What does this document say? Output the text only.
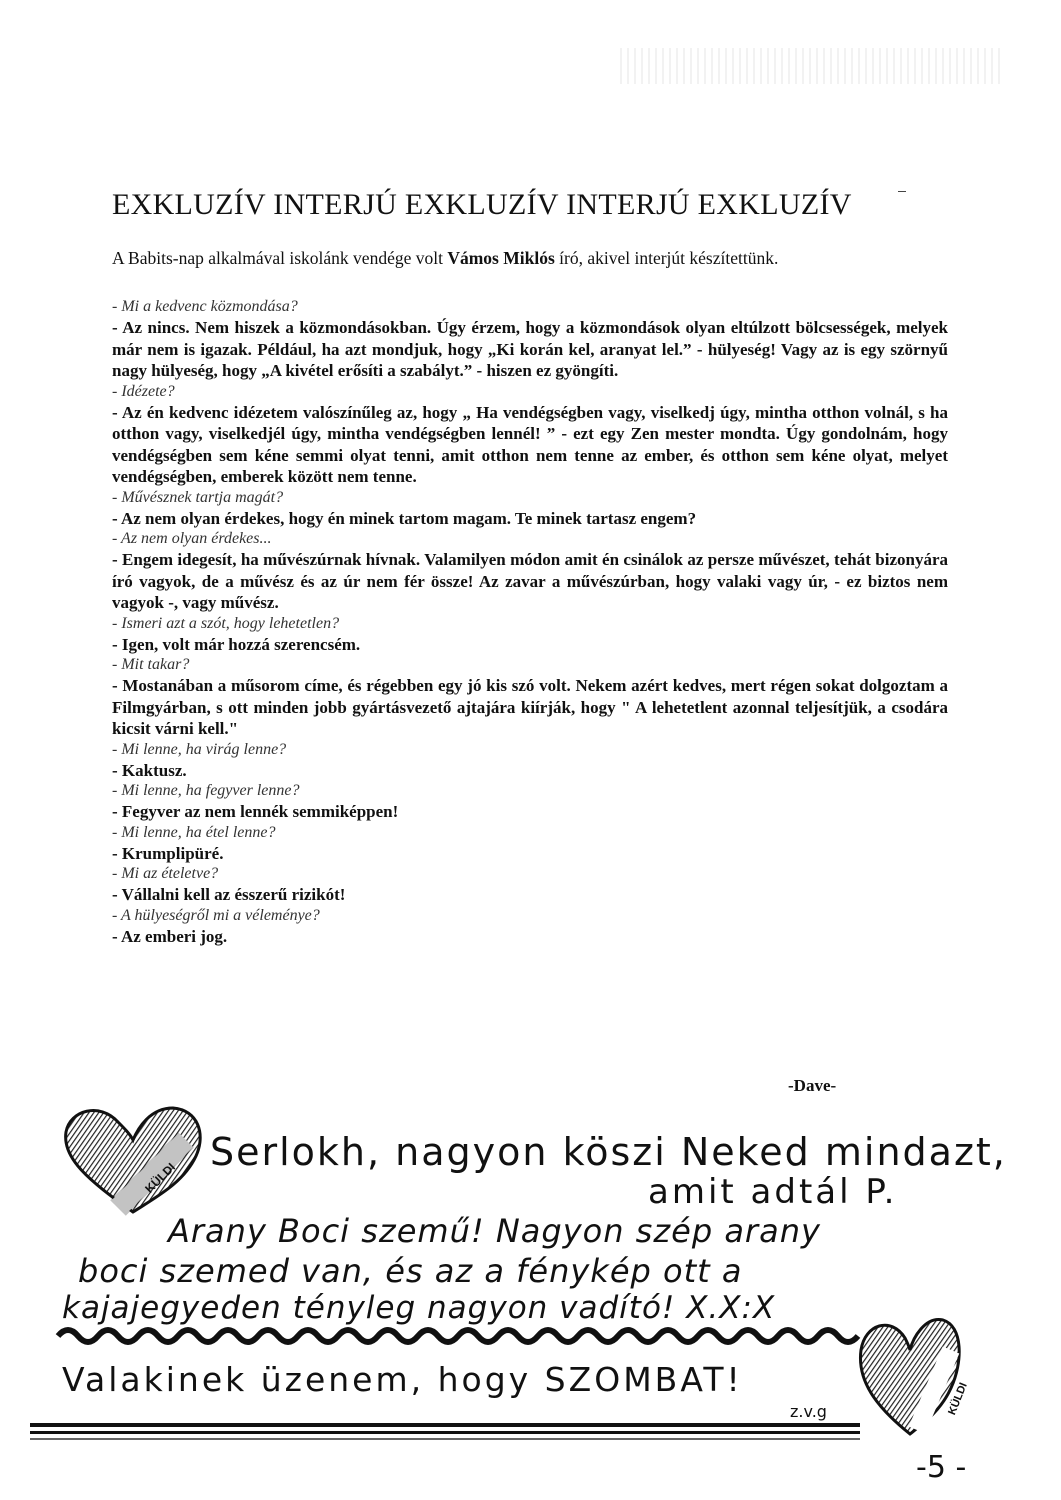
EXKLUZÍV INTERJÚ EXKLUZÍV INTERJÚ EXKLUZÍV
A Babits-nap alkalmával iskolánk vendége volt Vámos Miklós író, akivel interjút készítettünk.
- Mi a kedvenc közmondása?
- Az nincs. Nem hiszek a közmondásokban. Úgy érzem, hogy a közmondások olyan eltúlzott bölcsességek, melyek már nem is igazak. Például, ha azt mondjuk, hogy „Ki korán kel, aranyat lel.” - hülyeség! Vagy az is egy szörnyű nagy hülyeség, hogy „A kivétel erősíti a szabályt.” - hiszen ez gyöngíti.
- Idézete?
- Az én kedvenc idézetem valószínűleg az, hogy „ Ha vendégségben vagy, viselkedj úgy, mintha otthon volnál, s ha otthon vagy, viselkedjél úgy, mintha vendégségben lennél! ” - ezt egy Zen mester mondta. Úgy gondolnám, hogy vendégségben sem kéne semmi olyat tenni, amit otthon nem tenne az ember, és otthon sem kéne olyat, melyet vendégségben, emberek között nem tenne.
- Művésznek tartja magát?
- Az nem olyan érdekes, hogy én minek tartom magam. Te minek tartasz engem?
- Az nem olyan érdekes...
- Engem idegesít, ha művészúrnak hívnak. Valamilyen módon amit én csinálok az persze művészet, tehát bizonyára író vagyok, de a művész és az úr nem fér össze! Az zavar a művészúrban, hogy valaki vagy úr, - ez biztos nem vagyok -, vagy művész.
- Ismeri azt a szót, hogy lehetetlen?
- Igen, volt már hozzá szerencsém.
- Mit takar?
- Mostanában a műsorom címe, és régebben egy jó kis szó volt. Nekem azért kedves, mert régen sokat dolgoztam a Filmgyárban, s ott minden jobb gyártásvezető ajtajára kiírják, hogy " A lehetetlent azonnal teljesítjük, a csodára kicsit várni kell."
- Mi lenne, ha virág lenne?
- Kaktusz.
- Mi lenne, ha fegyver lenne?
- Fegyver az nem lennék semmiképpen!
- Mi lenne, ha étel lenne?
- Krumplipüré.
- Mi az ételetve?
- Vállalni kell az ésszerű rizikót!
- A hülyeségről mi a véleménye?
- Az emberi jog.
-Dave-
KÜLDI
KÜLDI
Serlokh, nagyon köszi Neked mindazt,
amit adtál P.
Arany Boci szemű! Nagyon szép arany
boci szemed van, és az a fénykép ott a
kajajegyeden tényleg nagyon vadító! X.X:X
Valakinek üzenem, hogy SZOMBAT!
z.v.g
-5 -
